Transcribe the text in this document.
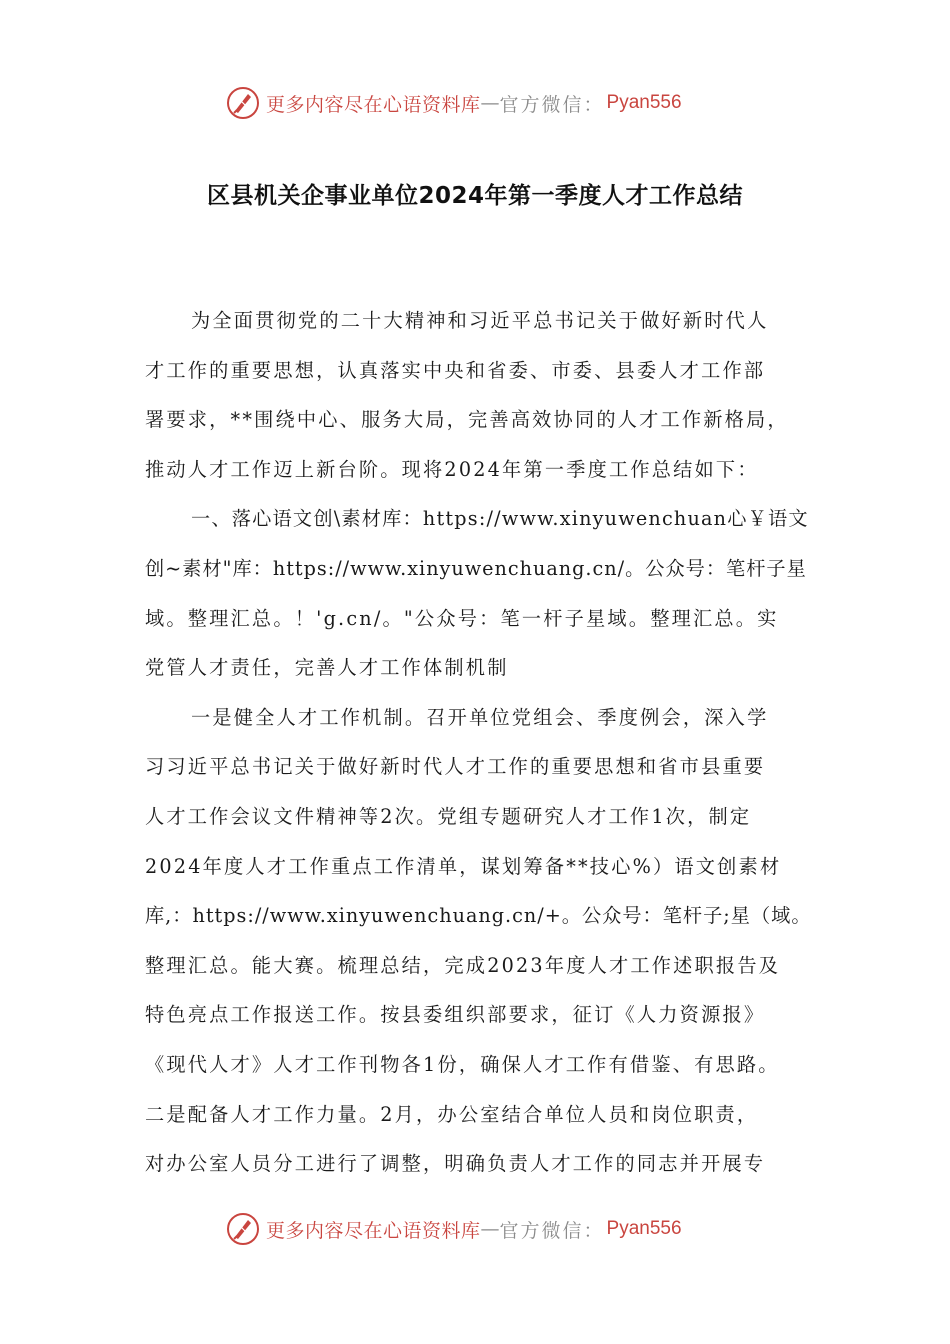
更多内容尽在心语资料库 — 官方微信： Pyan556
区县机关企事业单位2024年第一季度人才工作总结
为全面贯彻党的二十大精神和习近平总书记关于做好新时代人
才工作的重要思想，认真落实中央和省委、市委、县委人才工作部
署要求，**围绕中心、服务大局，完善高效协同的人才工作新格局，
推动人才工作迈上新台阶。现将2024年第一季度工作总结如下：
一、落心语文创\素材库：https://www.xinyuwenchuan心￥语文
创~素材"库：https://www.xinyuwenchuang.cn/。公众号：笔杆子星
域。整理汇总。！'g.cn/。"公众号：笔一杆子星域。整理汇总。实
党管人才责任，完善人才工作体制机制
一是健全人才工作机制。召开单位党组会、季度例会，深入学
习习近平总书记关于做好新时代人才工作的重要思想和省市县重要
人才工作会议文件精神等2次。党组专题研究人才工作1次，制定
2024年度人才工作重点工作清单，谋划筹备**技心%）语文创素材
库,：https://www.xinyuwenchuang.cn/+。公众号：笔杆子;星（域。
整理汇总。能大赛。梳理总结，完成2023年度人才工作述职报告及
特色亮点工作报送工作。按县委组织部要求，征订《人力资源报》
《现代人才》人才工作刊物各1份，确保人才工作有借鉴、有思路。
二是配备人才工作力量。2月，办公室结合单位人员和岗位职责，
对办公室人员分工进行了调整，明确负责人才工作的同志并开展专
更多内容尽在心语资料库 — 官方微信： Pyan556
